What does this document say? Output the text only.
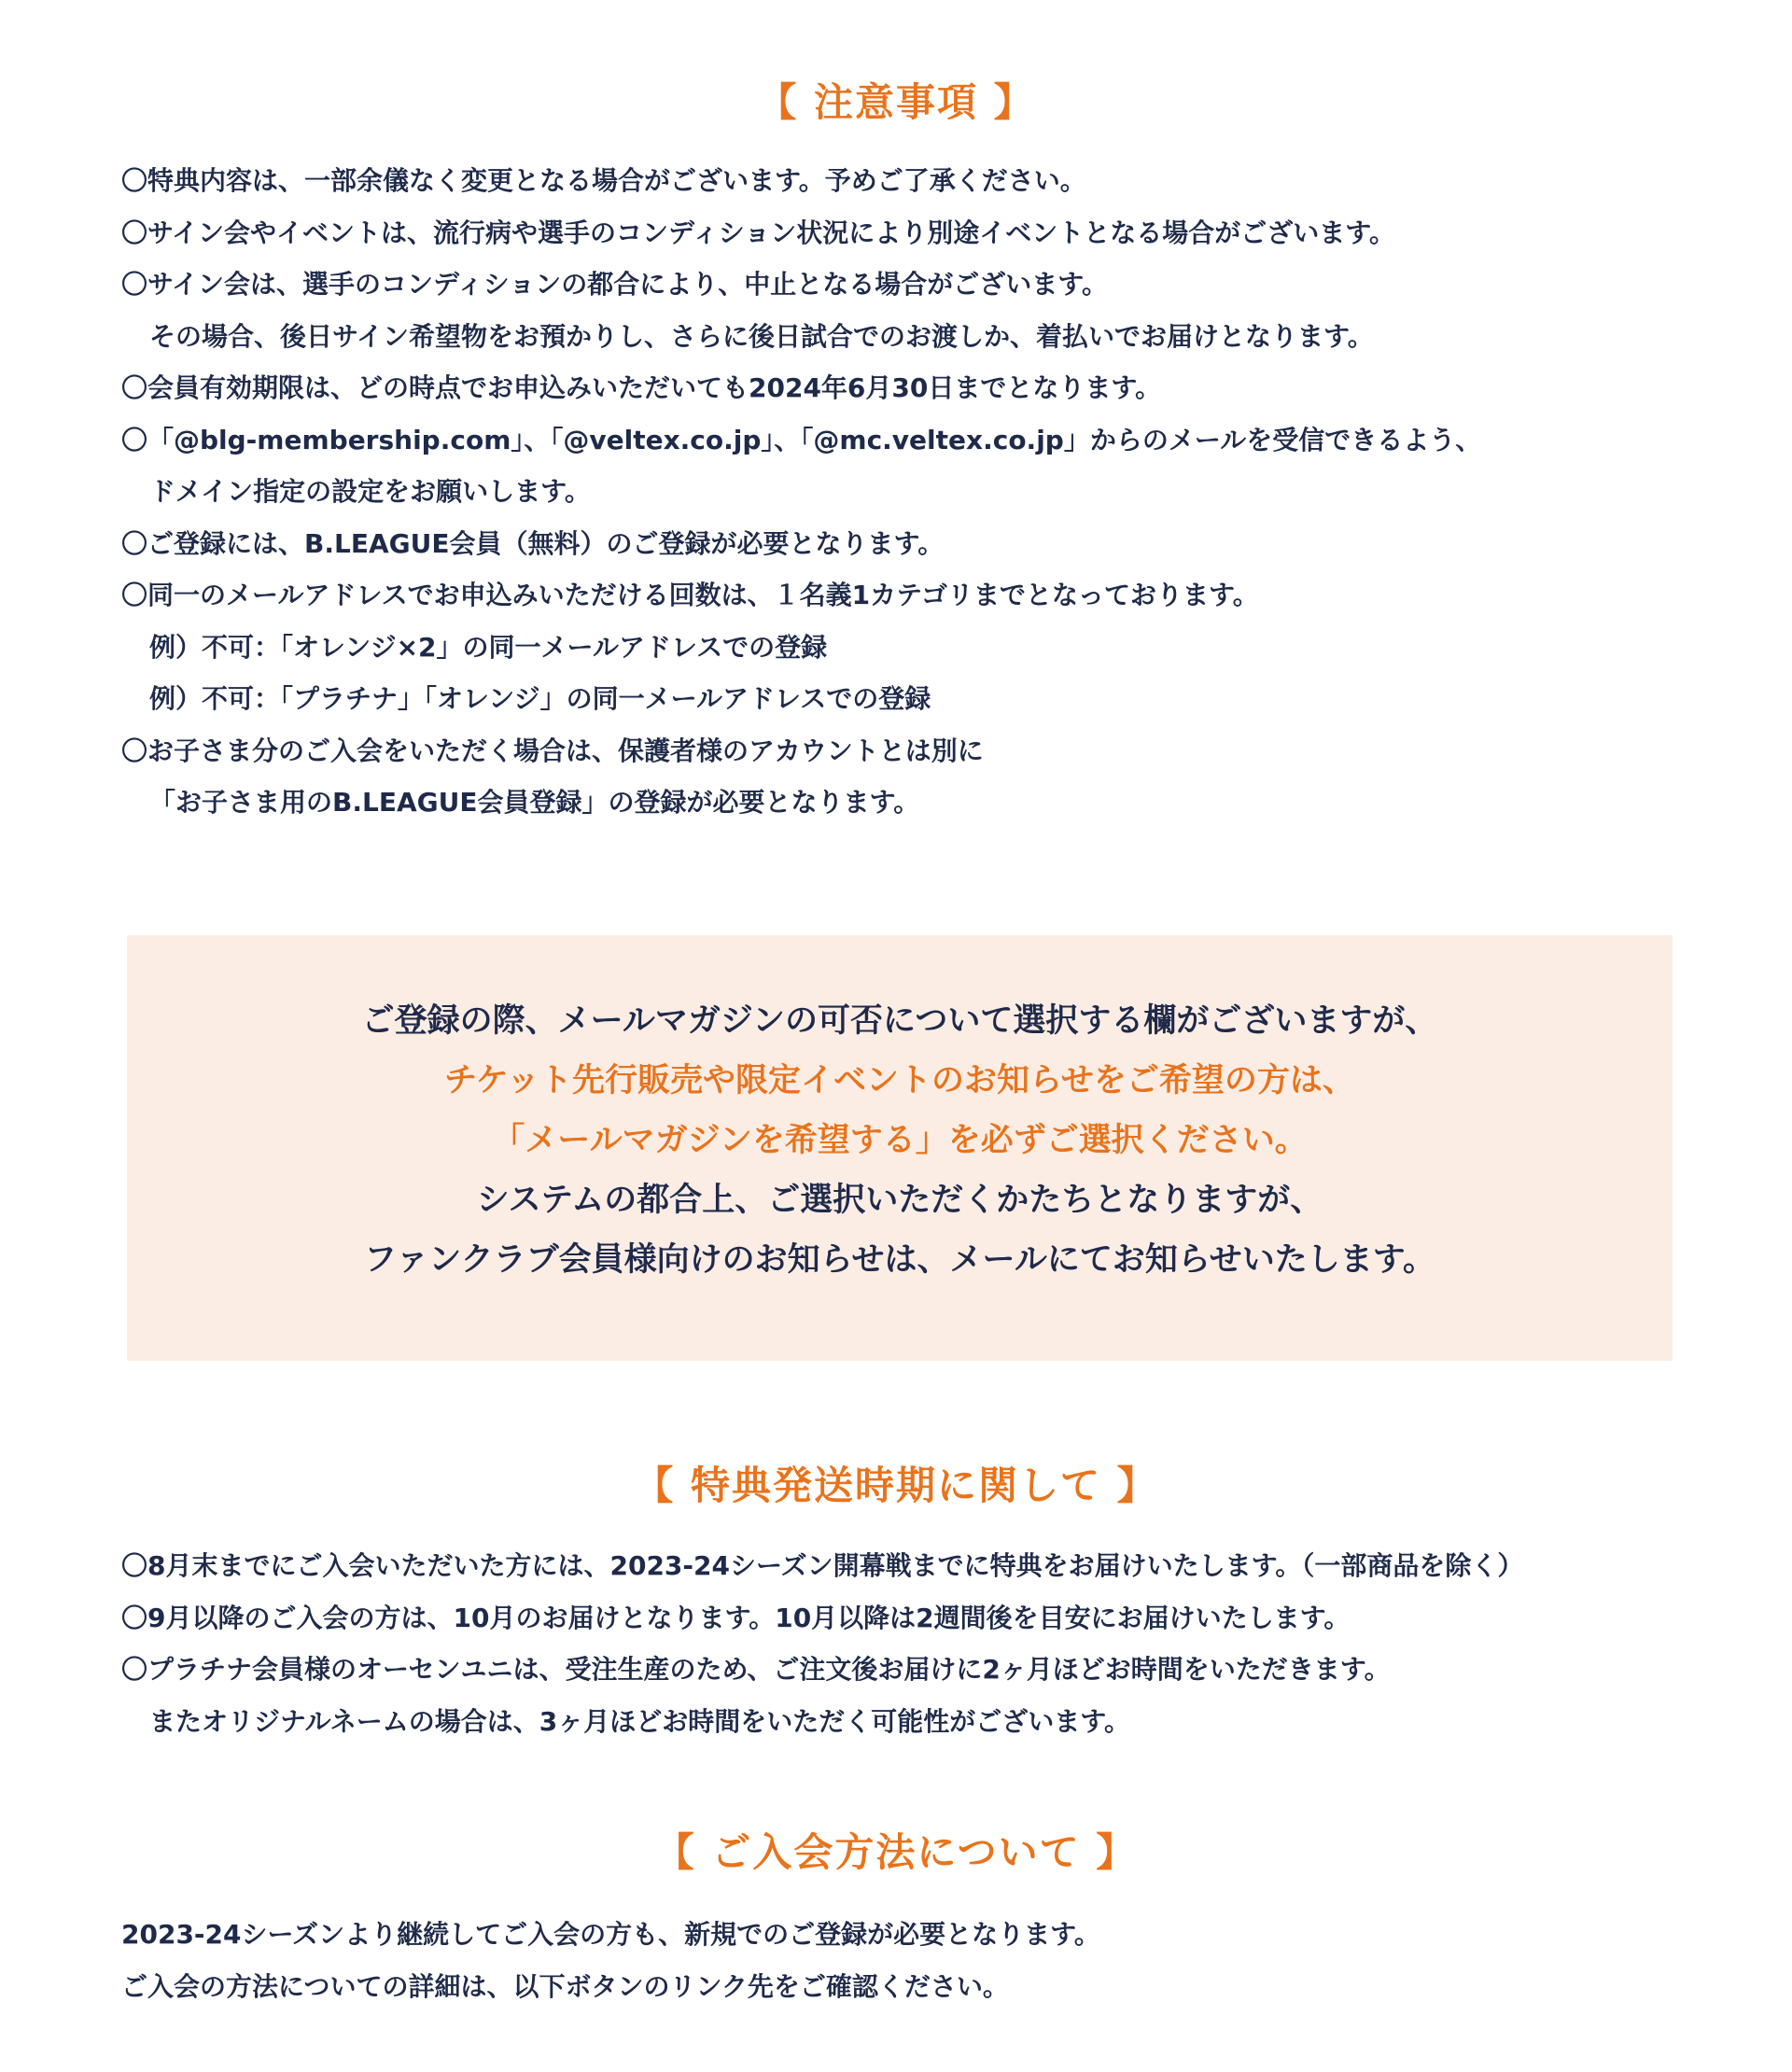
【 注意事項 】
〇特典内容は、一部余儀なく変更となる場合がございます。予めご了承ください。
〇サイン会やイベントは、流行病や選手のコンディション状況により別途イベントとなる場合がございます。
〇サイン会は、選手のコンディションの都合により、中止となる場合がございます。
その場合、後日サイン希望物をお預かりし、さらに後日試合でのお渡しか、着払いでお届けとなります。
〇会員有効期限は、どの時点でお申込みいただいても2024年6月30日までとなります。
〇「@blg-membership.com」、「@veltex.co.jp」、「@mc.veltex.co.jp」からのメールを受信できるよう、
ドメイン指定の設定をお願いします。
〇ご登録には、B.LEAGUE会員（無料）のご登録が必要となります。
〇同一のメールアドレスでお申込みいただける回数は、１名義1カテゴリまでとなっております。
例）不可：「オレンジ×2」の同一メールアドレスでの登録
例）不可：「プラチナ」「オレンジ」の同一メールアドレスでの登録
〇お子さま分のご入会をいただく場合は、保護者様のアカウントとは別に
「お子さま用のB.LEAGUE会員登録」の登録が必要となります。
ご登録の際、メールマガジンの可否について選択する欄がございますが、
チケット先行販売や限定イベントのお知らせをご希望の方は、
「メールマガジンを希望する」を必ずご選択ください。
システムの都合上、ご選択いただくかたちとなりますが、
ファンクラブ会員様向けのお知らせは、メールにてお知らせいたします。
【 特典発送時期に関して 】
〇8月末までにご入会いただいた方には、2023-24シーズン開幕戦までに特典をお届けいたします。（一部商品を除く）
〇9月以降のご入会の方は、10月のお届けとなります。10月以降は2週間後を目安にお届けいたします。
〇プラチナ会員様のオーセンユニは、受注生産のため、ご注文後お届けに2ヶ月ほどお時間をいただきます。
またオリジナルネームの場合は、3ヶ月ほどお時間をいただく可能性がございます。
【 ご入会方法について 】
2023-24シーズンより継続してご入会の方も、新規でのご登録が必要となります。
ご入会の方法についての詳細は、以下ボタンのリンク先をご確認ください。
